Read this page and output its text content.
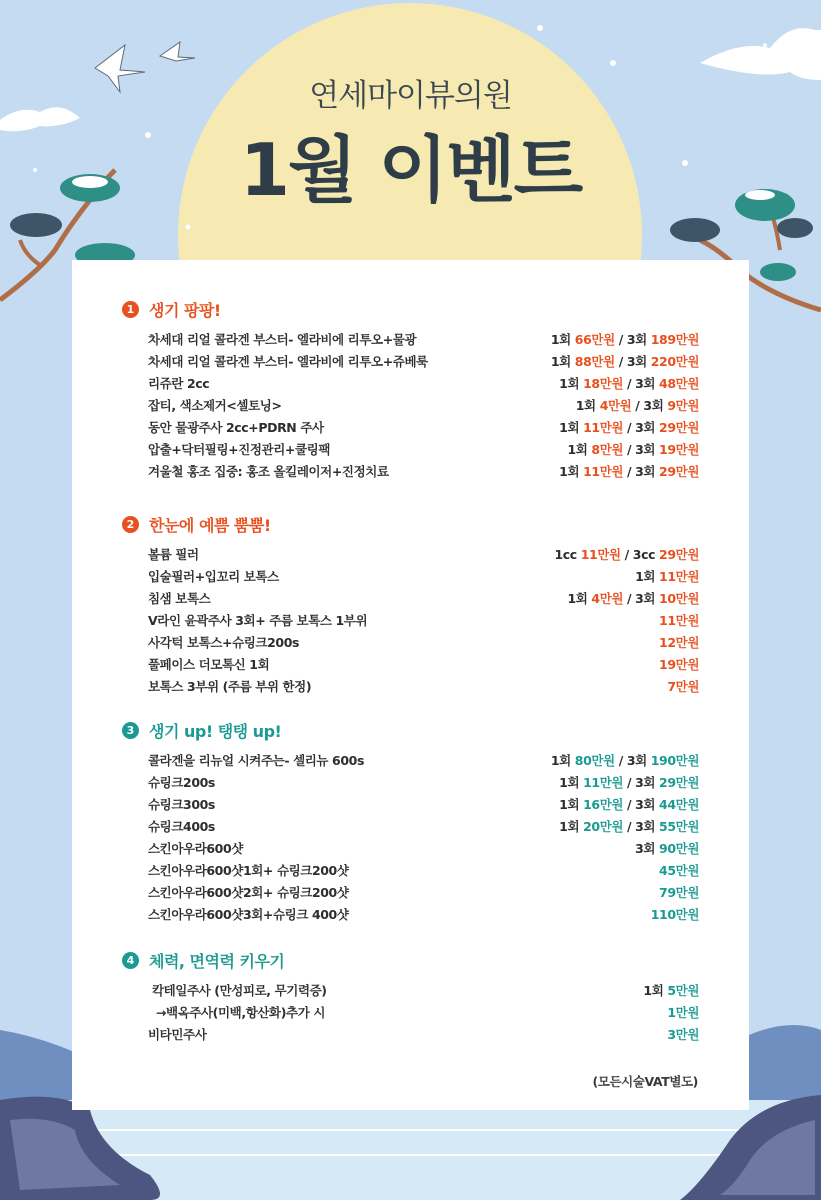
연세마이뷰의원
1월 이벤트
(모든시술VAT별도)
1 생기 팡팡!
차세대 리얼 콜라겐 부스터- 엘라비에 리투오+물광	1회 66만원 / 3회 189만원
차세대 리얼 콜라겐 부스터- 엘라비에 리투오+쥬베룩	1회 88만원 / 3회 220만원
리쥬란 2cc	1회 18만원 / 3회 48만원
잡티, 색소제거<셀토닝>	1회 4만원 / 3회 9만원
동안 물광주사 2cc+PDRN 주사	1회 11만원 / 3회 29만원
압출+닥터필링+진정관리+쿨링팩	1회 8만원 / 3회 19만원
겨울철 홍조 집중: 홍조 올킬레이저+진정치료	1회 11만원 / 3회 29만원
2 한눈에 예쁨 뿜뿜!
볼륨 필러	1cc 11만원 / 3cc 29만원
입술필러+입꼬리 보톡스	1회 11만원
침샘 보톡스	1회 4만원 / 3회 10만원
V라인 윤곽주사 3회+ 주름 보톡스 1부위	11만원
사각턱 보톡스+슈링크200s	12만원
풀페이스 더모톡신 1회	19만원
보톡스 3부위 (주름 부위 한정)	7만원
3 생기 up! 탱탱 up!
콜라겐을 리뉴얼 시켜주는- 셀리뉴 600s	1회 80만원 / 3회 190만원
슈링크200s	1회 11만원 / 3회 29만원
슈링크300s	1회 16만원 / 3회 44만원
슈링크400s	1회 20만원 / 3회 55만원
스킨아우라600샷	3회 90만원
스킨아우라600샷1회+ 슈링크200샷	45만원
스킨아우라600샷2회+ 슈링크200샷	79만원
스킨아우라600샷3회+슈링크 400샷	110만원
4 체력, 면역력 키우기
칵테일주사 (만성피로, 무기력증)	1회 5만원
→백옥주사(미백,항산화)추가 시	1만원
비타민주사	3만원
